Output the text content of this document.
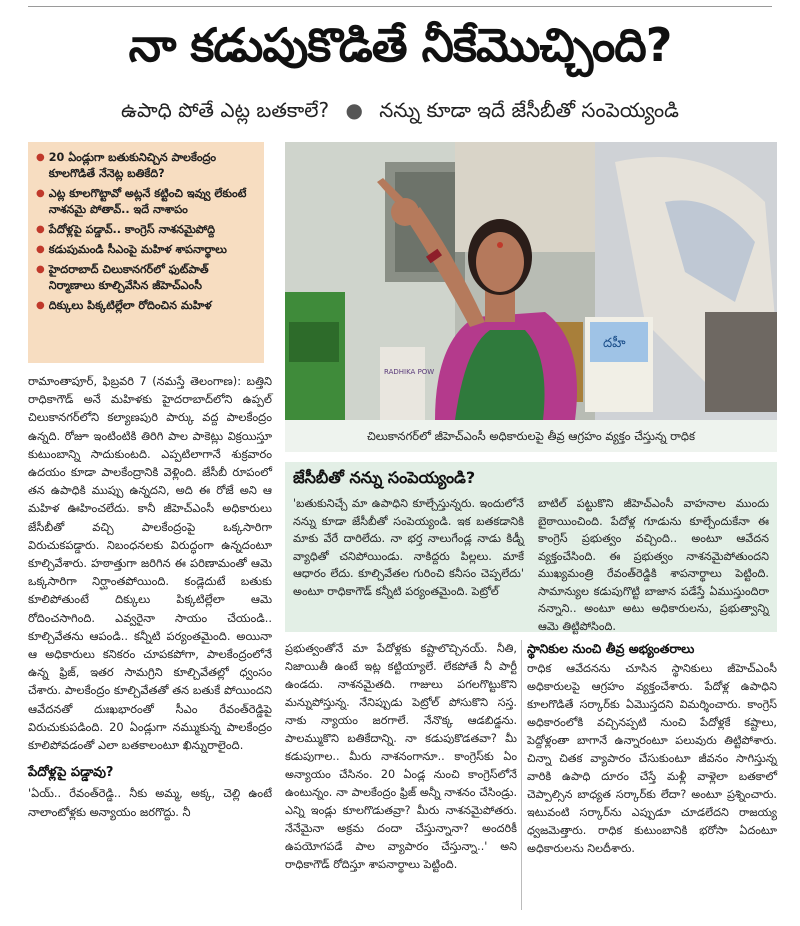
నా కడుపుకొడితే నీకేమొచ్చింది?
ఉపాధి పోతే ఎట్ల బతకాలే? ● నన్ను కూడా ఇదే జేసీబీతో సంపెయ్యండి
● 20 ఏండ్లుగా బతుకునిచ్చిన పాలకేంద్రం కూలగొడితే నేనెట్ల బతికేది?
● ఎట్ల కూలగొట్టావో అట్లనే కట్టించి ఇవ్వు లేకుంటే నాశనమై పోతావ్.. ఇదే నాశాపం
● పేదోళ్లపై పడ్డావ్.. కాంగ్రెస్ నాశనమైపోద్ది
● కడుపుమండి సీఎంపై మహిళ శాపనార్థాలు
● హైదరాబాద్ చిలుకానగర్‌లో ఫుట్‌పాత్ నిర్మాణాలు కూల్చివేసిన జీహెచ్‌ఎంసీ
● దిక్కులు పిక్కటిల్లేలా రోదించిన మహిళ
RADHIKA POW
దహీ
చిలుకానగర్‌లో జీహెచ్‌ఎంసీ అధికారులపై తీవ్ర ఆగ్రహం వ్యక్తం చేస్తున్న రాధిక

రామాంతాపూర్, ఫిబ్రవరి 7 (నమస్తే తెలంగాణ): బత్తిని రాధికాగౌడ్ అనే మహిళకు హైదరాబాద్‌లోని ఉప్పల్ చిలుకానగర్‌లోని కల్యాణపురి పార్కు వద్ద పాలకేంద్రం ఉన్నది. రోజూ ఇంటింటికి తిరిగి పాల పాకెట్లు విక్రయిస్తూ కుటుంబాన్ని సాదుకుంటది. ఎప్పటిలాగానే శుక్రవారం ఉదయం కూడా పాలకేంద్రానికి వెళ్లింది. జేసీబీ రూపంలో తన ఉపాధికి ముప్పు ఉన్నదని, అది ఈ రోజే అని ఆ మహిళ ఊహించలేదు. కానీ జీహెచ్‌ఎంసీ అధికారులు జేసీబీతో వచ్చి పాలకేంద్రంపై ఒక్కసారిగా విరుచుకపడ్డారు. నిబంధనలకు విరుద్ధంగా ఉన్నదంటూ కూల్చివేశారు. హఠాత్తుగా జరిగిన ఈ పరిణామంతో ఆమె ఒక్కసారిగా నిర్ఘాంతపోయింది. కండ్లెదుటే బతుకు కూలిపోతుంటే దిక్కులు పిక్కటిల్లేలా ఆమె రోదించసాగింది. ఎవ్వరైనా సాయం చేయండి.. కూల్చివేతను ఆపండి.. కన్నీటి పర్యంతమైంది. అయినా ఆ అధికారులు కనికరం చూపకపోగా, పాలకేంద్రంలోనే ఉన్న ఫ్రిజ్, ఇతర సామగ్రిని కూల్చివేతల్లో ధ్వంసం చేశారు. పాలకేంద్రం కూల్చివేతతో తన బతుకే పోయిందని ఆవేదనతో దుఃఖభారంతో సీఎం రేవంత్‌రెడ్డిపై విరుచుకుపడింది. 20 ఏండ్లుగా నమ్ముకున్న పాలకేంద్రం కూలిపోవడంతో ఎలా బతకాలంటూ ఖిన్నురాలైంది.

పేదోళ్లపై పడ్డావు?

'ఏయ్.. రేవంత్‌రెడ్డి.. నీకు అమ్మ, అక్క, చెల్లి ఉంటే నాలాంటోళ్లకు అన్యాయం జరగొద్దు. నీ

జేసీబీతో నన్ను సంపెయ్యండి?

'బతుకునిచ్చే మా ఉపాధిని కూల్చేస్తున్నరు. ఇందులోనే నన్ను కూడా జేసీబీతో సంపెయ్యండి. ఇక బతకడానికి మాకు వేరే దారిలేదు. నా భర్త నాలుగేండ్ల నాడు కిడ్నీ వ్యాధితో చనిపోయిండు. నాకిద్దరు పిల్లలు. మాకే ఆధారం లేదు. కూల్చివేతల గురించి కనీసం చెప్పలేదు' అంటూ రాధికాగౌడ్ కన్నీటి పర్యంతమైంది. పెట్రోల్

బాటిల్ పట్టుకొని జీహెచ్‌ఎంసీ వాహనాల ముందు బైఠాయించింది. పేదోళ్ల గూడును కూల్చేందుకేనా ఈ కాంగ్రెస్ ప్రభుత్వం వచ్చింది.. అంటూ ఆవేదన వ్యక్తంచేసింది. ఈ ప్రభుత్వం నాశనమైపోతుందని ముఖ్యమంత్రి రేవంత్‌రెడ్డికి శాపనార్థాలు పెట్టింది. సామాన్యుల కడుపుగొట్టి బాజాన పడేస్తే ఏముస్తుందిరా నన్నాని.. అంటూ అటు అధికారులను, ప్రభుత్వాన్ని ఆమె తిట్టిపోసింది.

ప్రభుత్వంతోనే మా పేదోళ్లకు కష్టాలొచ్చినయ్. నీతి, నిజాయితీ ఉంటే ఇట్ల కట్టియ్యాలే. లేకపోతే నీ పార్టీ ఉండదు. నాశనమైతది. గాజులు పగలగొట్టుకొని మన్నుపోస్తున్న. నేనిప్పుడు పెట్రోల్ పోసుకొని సస్త. నాకు న్యాయం జరగాలే. నేనొక్క ఆడబిడ్డను. పాలమ్ముకొని బతికేదాన్ని. నా కడుపుకొడతవా? మీ కడుపుగాల.. మీరు నాశనంగానూ.. కాంగ్రెస్‌కు ఏం అన్యాయం చేసినం. 20 ఏండ్ల నుంచి కాంగ్రెస్‌లోనే ఉంటున్నం. నా పాలకేంద్రం ఫ్రిజ్ అన్నీ నాశనం చేసిండ్రు. ఎన్ని ఇండ్లు కూలగొడుతవ్రా? మీరు నాశనమైపోతరు. నేనేమైనా అక్రమ దందా చేస్తున్నానా? అందరికీ ఉపయోగపడే పాల వ్యాపారం చేస్తున్నా..' అని రాధికాగౌడ్ రోదిస్తూ శాపనార్థాలు పెట్టింది.

స్థానికుల నుంచి తీవ్ర అభ్యంతరాలు

రాధిక ఆవేదనను చూసిన స్థానికులు జీహెచ్‌ఎంసీ అధికారులపై ఆగ్రహం వ్యక్తంచేశారు. పేదోళ్ల ఉపాధిని కూలగొడితే సర్కార్‌కు ఏమొస్తదని విమర్శించారు. కాంగ్రెస్ అధికారంలోకి వచ్చినప్పటి నుంచి పేదోళ్లకే కష్టాలు, పెద్దోళ్లంతా బాగానే ఉన్నారంటూ పలువురు తిట్టిపోశారు. చిన్నా చితక వ్యాపారం చేసుకుంటూ జీవనం సాగిస్తున్న వారికి ఉపాధి దూరం చేస్తే మళ్లీ వాళ్లెలా బతకాలో చెప్పాల్సిన బాధ్యత సర్కార్‌కు లేదా? అంటూ ప్రశ్నించారు. ఇటువంటి సర్కార్‌ను ఎప్పుడూ చూడలేదని రాజయ్య ధ్వజమెత్తారు. రాధిక కుటుంబానికి భరోసా ఏదంటూ అధికారులను నిలదీశారు.
